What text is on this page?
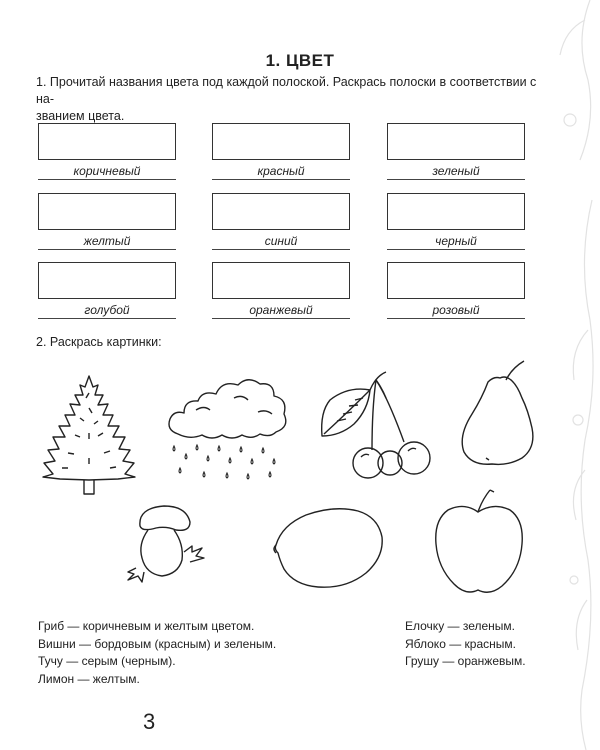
1. ЦВЕТ
1. Прочитай названия цвета под каждой полоской. Раскрась полоски в соответствии с на-
званием цвета.
коричневый	красный	зеленый
желтый	синий	черный
голубой	оранжевый	розовый
2. Раскрась картинки:
Гриб — коричневым и желтым цветом.
Вишни — бордовым (красным) и зеленым.
Тучу — серым (черным).
Лимон — желтым.
Елочку — зеленым.
Яблоко — красным.
Грушу — оранжевым.
3
